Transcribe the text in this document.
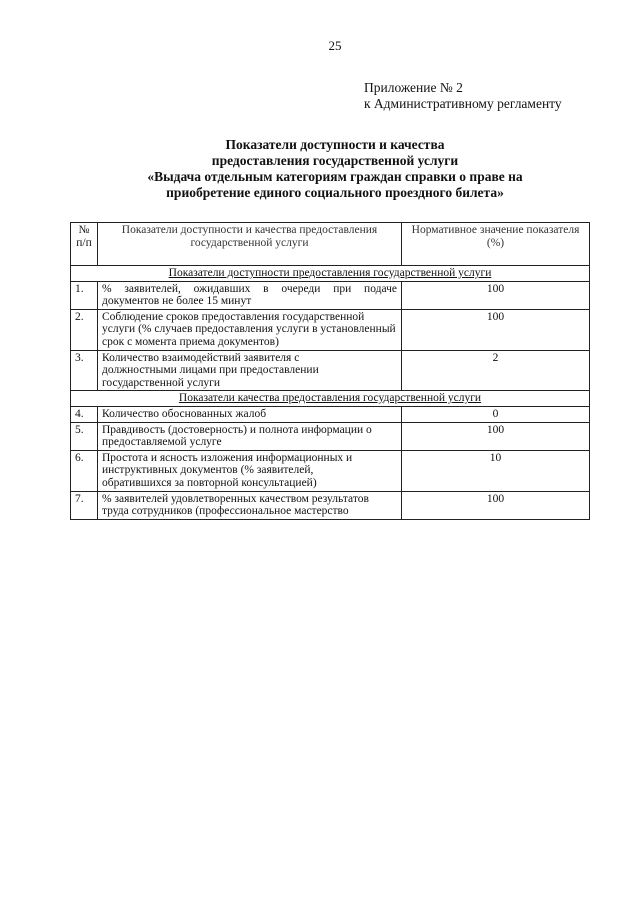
25
Приложение № 2
к Административному регламенту
Показатели доступности и качества
предоставления государственной услуги
«Выдача отдельным категориям граждан справки о праве на
приобретение единого социального проездного билета»
№ п/п	Показатели доступности и качества предоставления государственной услуги	Нормативное значение показателя (%)
Показатели доступности предоставления государственной услуги		
1.	% заявителей, ожидавших в очереди при подаче документов не более 15 минут	100
2.	Соблюдение сроков предоставления государственной услуги (% случаев предоставления услуги в установленный срок с момента приема документов)	100
3.	Количество взаимодействий заявителя с должностными лицами при предоставлении государственной услуги	2
Показатели качества предоставления государственной услуги		
4.	Количество обоснованных жалоб	0
5.	Правдивость (достоверность) и полнота информации о предоставляемой услуге	100
6.	Простота и ясность изложения информационных и инструктивных документов (% заявителей, обратившихся за повторной консультацией)	10
7.	% заявителей удовлетворенных качеством результатов труда сотрудников (профессиональное мастерство	100
